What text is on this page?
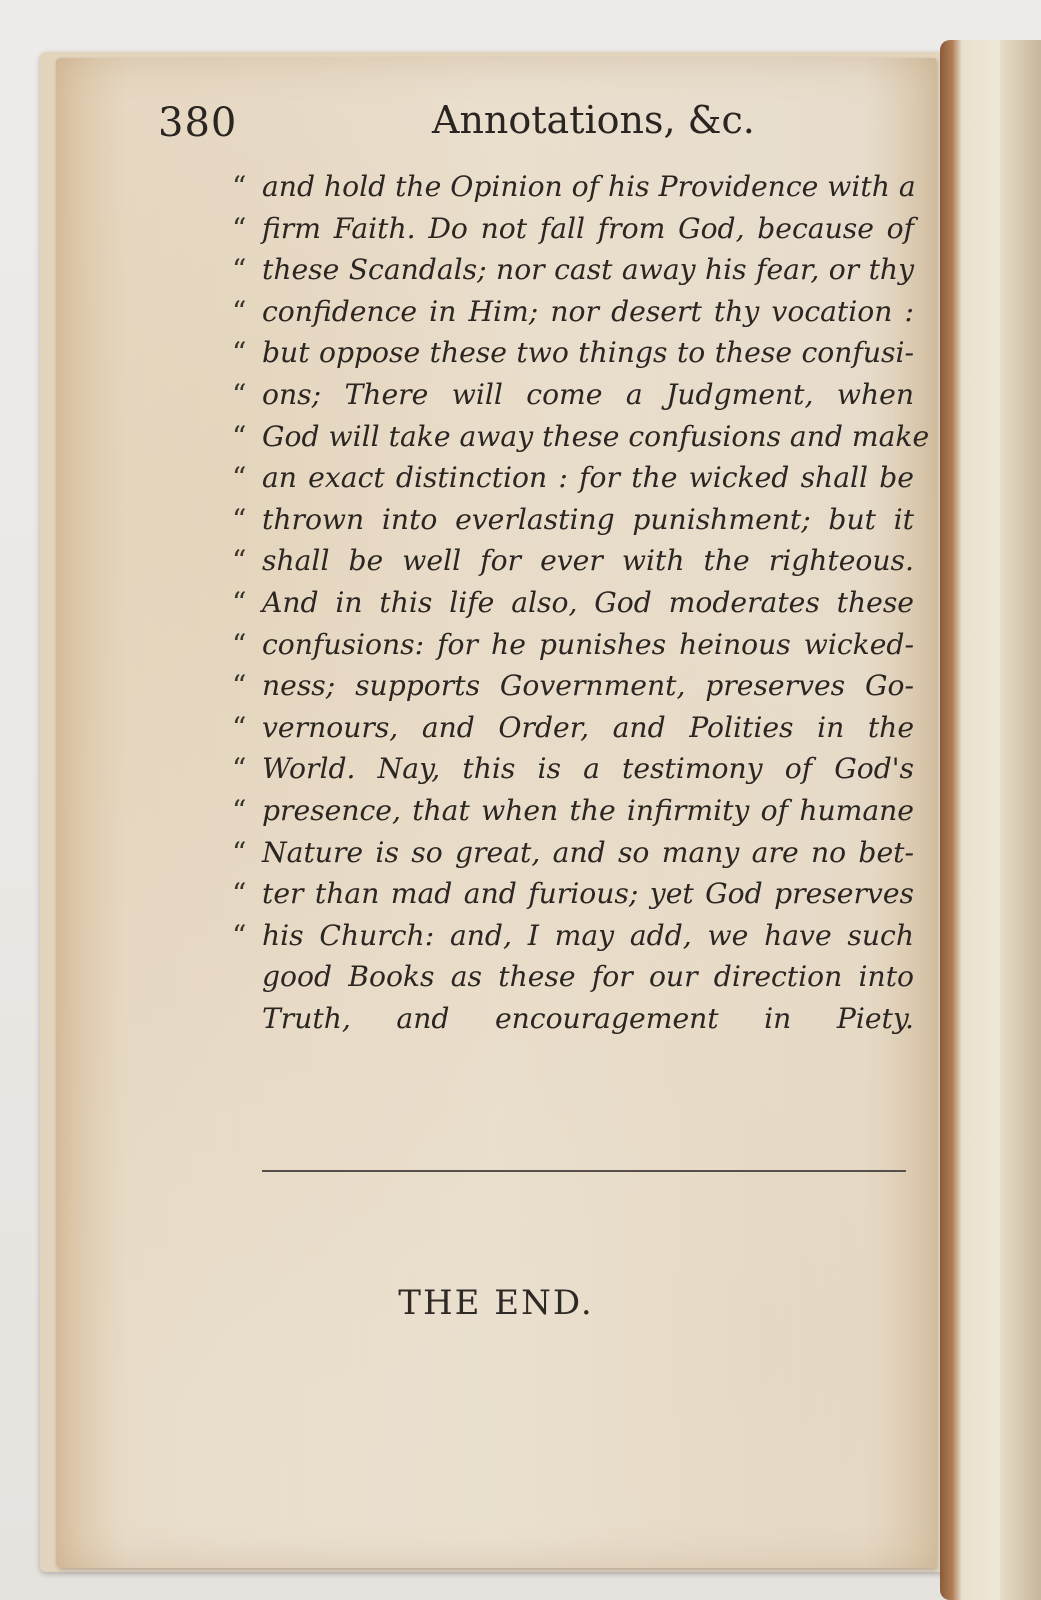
380	Annotations, &c.
“ and hold the Opinion of his Providence with a
“ firm Faith. Do not fall from God, because of
“ these Scandals; nor cast away his fear, or thy
“ confidence in Him; nor desert thy vocation :
“ but oppose these two things to these confusi-
“ ons; There will come a Judgment, when
“ God will take away these confusions and make
“ an exact distinction : for the wicked shall be
“ thrown into everlasting punishment; but it
“ shall be well for ever with the righteous.
“ And in this life also, God moderates these
“ confusions: for he punishes heinous wicked-
“ ness; supports Government, preserves Go-
“ vernours, and Order, and Polities in the
“ World. Nay, this is a testimony of God's
“ presence, that when the infirmity of humane
“ Nature is so great, and so many are no bet-
“ ter than mad and furious; yet God preserves
“ his Church: and, I may add, we have such
good Books as these for our direction into
Truth, and encouragement in Piety.
THE END.
